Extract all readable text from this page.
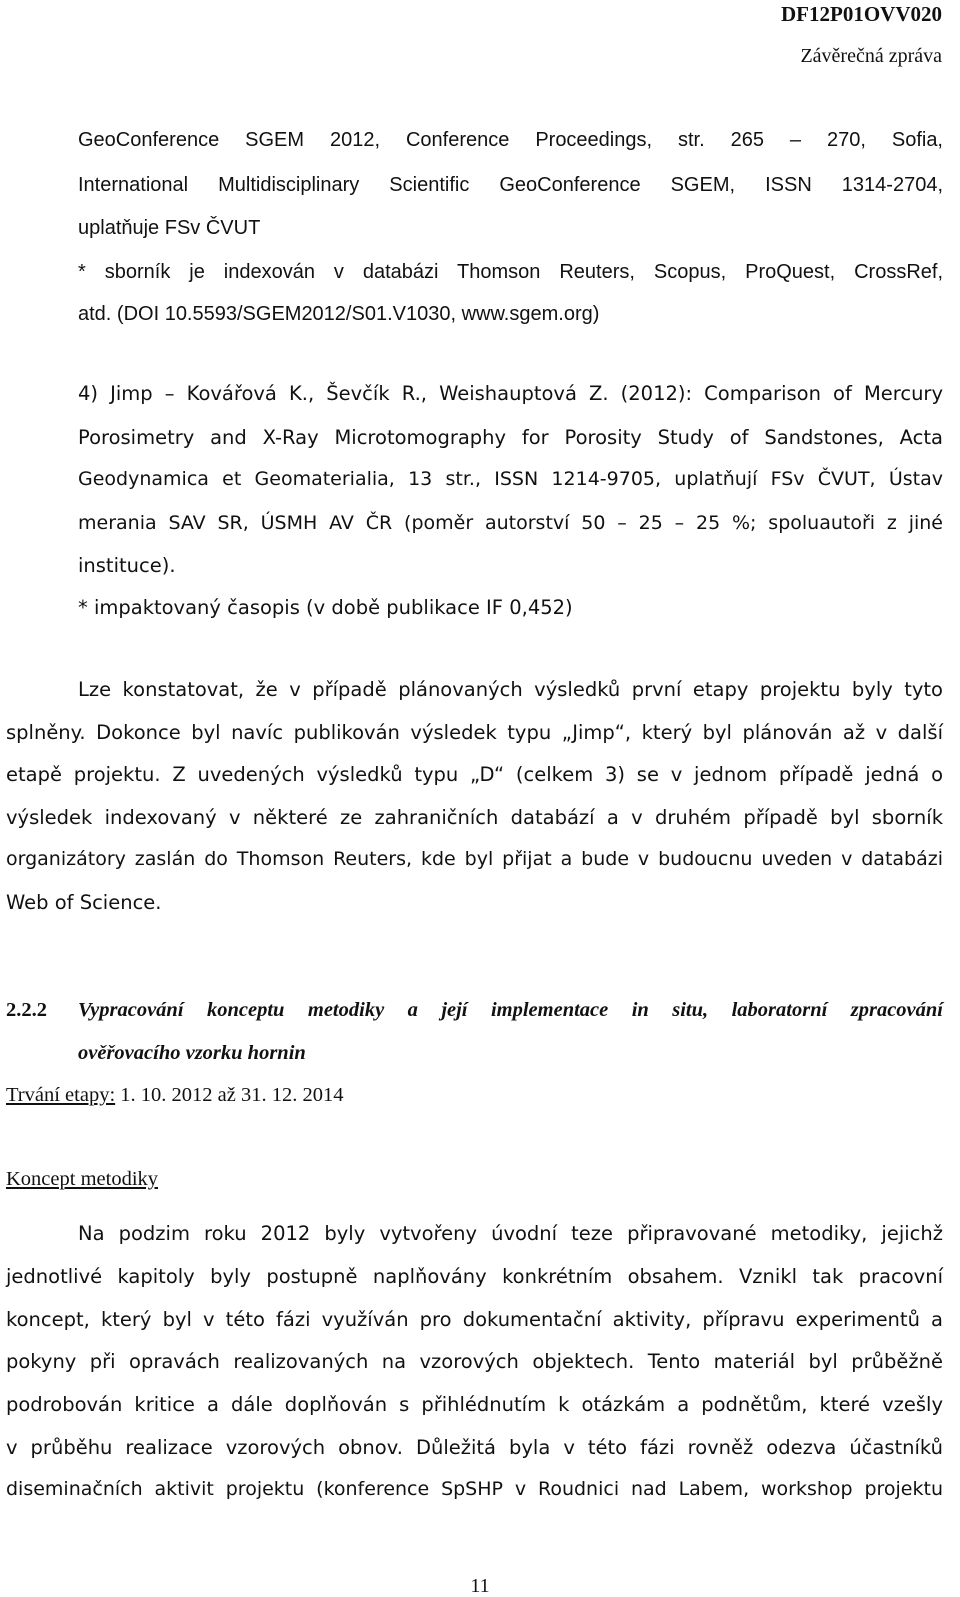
DF12P01OVV020
Závěrečná zpráva
GeoConference SGEM 2012, Conference Proceedings, str. 265 – 270, Sofia,
International Multidisciplinary Scientific GeoConference SGEM, ISSN 1314-2704,
uplatňuje FSv ČVUT
* sborník je indexován v databázi Thomson Reuters, Scopus, ProQuest, CrossRef,
atd. (DOI 10.5593/SGEM2012/S01.V1030, www.sgem.org)
4) Jimp – Kovářová K., Ševčík R., Weishauptová Z. (2012): Comparison of Mercury
Porosimetry and X-Ray Microtomography for Porosity Study of Sandstones, Acta
Geodynamica et Geomaterialia, 13 str., ISSN 1214-9705, uplatňují FSv ČVUT, Ústav
merania SAV SR, ÚSMH AV ČR (poměr autorství 50 – 25 – 25 %; spoluautoři z jiné
instituce).
* impaktovaný časopis (v době publikace IF 0,452)
Lze konstatovat, že v případě plánovaných výsledků první etapy projektu byly tyto
splněny. Dokonce byl navíc publikován výsledek typu „Jimp“, který byl plánován až v další
etapě projektu. Z uvedených výsledků typu „D“ (celkem 3) se v jednom případě jedná o
výsledek indexovaný v některé ze zahraničních databází a v druhém případě byl sborník
organizátory zaslán do Thomson Reuters, kde byl přijat a bude v budoucnu uveden v databázi
Web of Science.
2.2.2 Vypracování konceptu metodiky a její implementace in situ, laboratorní zpracování
ověřovacího vzorku hornin
Trvání etapy: 1. 10. 2012 až 31. 12. 2014
Koncept metodiky
Na podzim roku 2012 byly vytvořeny úvodní teze připravované metodiky, jejichž
jednotlivé kapitoly byly postupně naplňovány konkrétním obsahem. Vznikl tak pracovní
koncept, který byl v této fázi využíván pro dokumentační aktivity, přípravu experimentů a
pokyny při opravách realizovaných na vzorových objektech. Tento materiál byl průběžně
podrobován kritice a dále doplňován s přihlédnutím k otázkám a podnětům, které vzešly
v průběhu realizace vzorových obnov. Důležitá byla v této fázi rovněž odezva účastníků
diseminačních aktivit projektu (konference SpSHP v Roudnici nad Labem, workshop projektu
11
